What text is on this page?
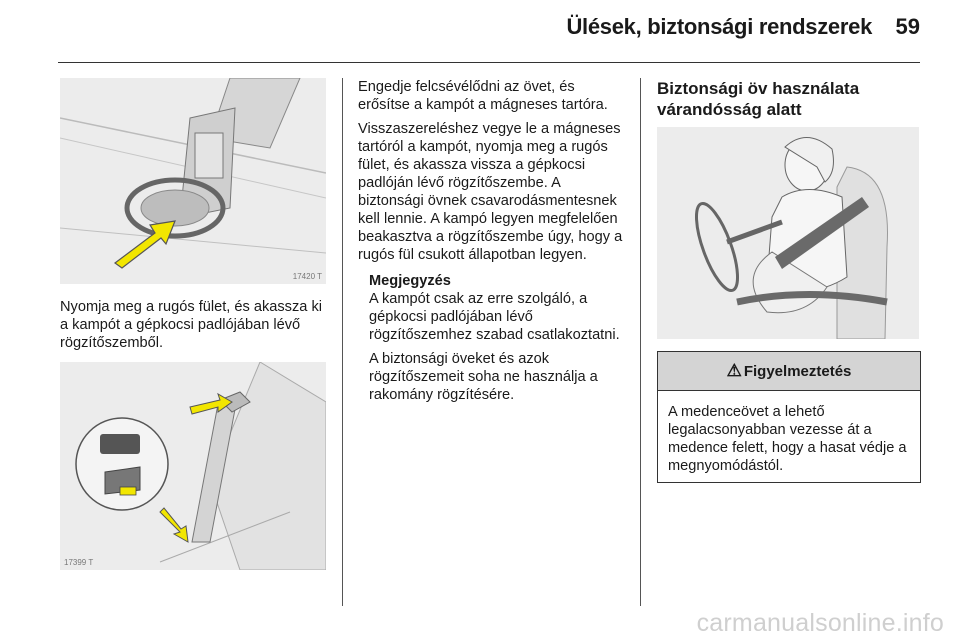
Ülések, biztonsági rendszerek 59
17420 T

Nyomja meg a rugós fület, és akassza ki a kampót a gépkocsi padlójában lévő rögzítőszemből.

17399 T

Engedje felcsévélődni az övet, és erősítse a kampót a mágneses tartóra.

Visszaszereléshez vegye le a mágneses tartóról a kampót, nyomja meg a rugós fület, és akassza vissza a gépkocsi padlóján lévő rögzítőszembe. A biztonsági övnek csavarodásmentesnek kell lennie. A kampó legyen megfelelően beakasztva a rögzítőszembe úgy, hogy a rugós fül csukott állapotban legyen.

Megjegyzés

A kampót csak az erre szolgáló, a gépkocsi padlójában lévő rögzítőszemhez szabad csatlakoztatni.

A biztonsági öveket és azok rögzítőszemeit soha ne használja a rakomány rögzítésére.

Biztonsági öv használata várandósság alatt
⚠ Figyelmeztetés
A medenceövet a lehető legalacsonyabban vezesse át a medence felett, hogy a hasat védje a megnyomódástól.
carmanualsonline.info
